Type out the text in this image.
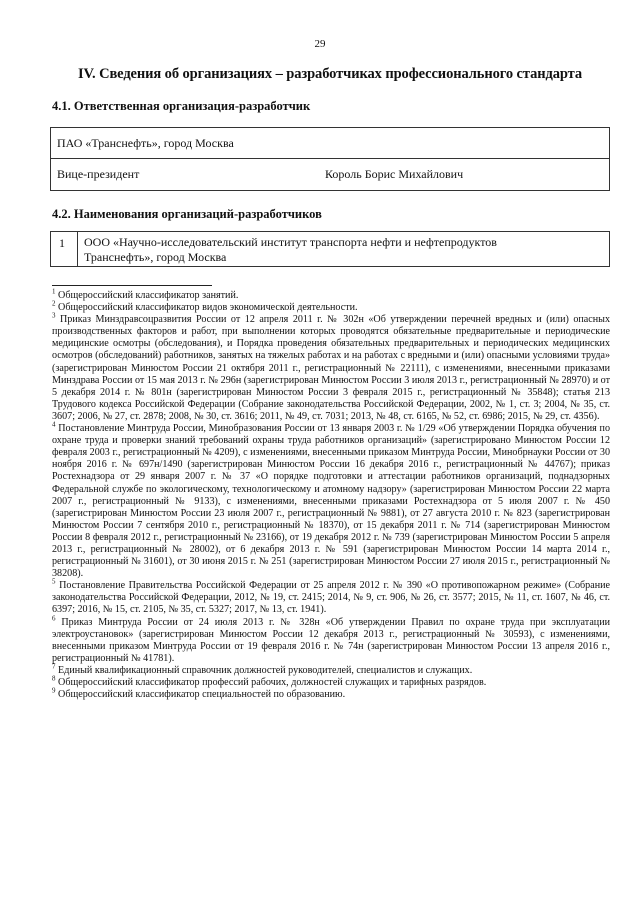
29
IV. Сведения об организациях – разработчиках профессионального стандарта
4.1. Ответственная организация-разработчик
ПАО «Транснефть», город Москва
Вице-президент	Король Борис Михайлович
4.2. Наименования организаций-разработчиков
1 ООО «Научно-исследовательский институт транспорта нефти и нефтепродуктов
Транснефть», город Москва

$^1$ Общероссийский классификатор занятий.

$^2$ Общероссийский классификатор видов экономической деятельности.

$^3$ Приказ Минздравсоцразвития России от 12 апреля 2011 г. № 302н «Об утверждении перечней вредных и (или) опасных производственных факторов и работ, при выполнении которых проводятся обязательные предварительные и периодические медицинские осмотры (обследования), и Порядка проведения обязательных предварительных и периодических медицинских осмотров (обследований) работников, занятых на тяжелых работах и на работах с вредными и (или) опасными условиями труда» (зарегистрирован Минюстом России 21 октября 2011 г., регистрационный № 22111), с изменениями, внесенными приказами Минздрава России от 15 мая 2013 г. № 296н (зарегистрирован Минюстом России 3 июля 2013 г., регистрационный № 28970) и от 5 декабря 2014 г. № 801н (зарегистрирован Минюстом России 3 февраля 2015 г., регистрационный № 35848); статья 213 Трудового кодекса Российской Федерации (Собрание законодательства Российской Федерации, 2002, № 1, ст. 3; 2004, № 35, ст. 3607; 2006, № 27, ст. 2878; 2008, № 30, ст. 3616; 2011, № 49, ст. 7031; 2013, № 48, ст. 6165, № 52, ст. 6986; 2015, № 29, ст. 4356).

$^4$ Постановление Минтруда России, Минобразования России от 13 января 2003 г. № 1/29 «Об утверждении Порядка обучения по охране труда и проверки знаний требований охраны труда работников организаций» (зарегистрировано Минюстом России 12 февраля 2003 г., регистрационный № 4209), с изменениями, внесенными приказом Минтруда России, Минобрнауки России от 30 ноября 2016 г. № 697н/1490 (зарегистрирован Минюстом России 16 декабря 2016 г., регистрационный № 44767); приказ Ростехнадзора от 29 января 2007 г. № 37 «О порядке подготовки и аттестации работников организаций, поднадзорных Федеральной службе по экологическому, технологическому и атомному надзору» (зарегистрирован Минюстом России 22 марта 2007 г., регистрационный № 9133), с изменениями, внесенными приказами Ростехнадзора от 5 июля 2007 г. № 450 (зарегистрирован Минюстом России 23 июля 2007 г., регистрационный № 9881), от 27 августа 2010 г. № 823 (зарегистрирован Минюстом России 7 сентября 2010 г., регистрационный № 18370), от 15 декабря 2011 г. № 714 (зарегистрирован Минюстом России 8 февраля 2012 г., регистрационный № 23166), от 19 декабря 2012 г. № 739 (зарегистрирован Минюстом России 5 апреля 2013 г., регистрационный № 28002), от 6 декабря 2013 г. № 591 (зарегистрирован Минюстом России 14 марта 2014 г., регистрационный № 31601), от 30 июня 2015 г. № 251 (зарегистрирован Минюстом России 27 июля 2015 г., регистрационный № 38208).

$^5$ Постановление Правительства Российской Федерации от 25 апреля 2012 г. № 390 «О противопожарном режиме» (Собрание законодательства Российской Федерации, 2012, № 19, ст. 2415; 2014, № 9, ст. 906, № 26, ст. 3577; 2015, № 11, ст. 1607, № 46, ст. 6397; 2016, № 15, ст. 2105, № 35, ст. 5327; 2017, № 13, ст. 1941).

$^6$ Приказ Минтруда России от 24 июля 2013 г. № 328н «Об утверждении Правил по охране труда при эксплуатации электроустановок» (зарегистрирован Минюстом России 12 декабря 2013 г., регистрационный № 30593), с изменениями, внесенными приказом Минтруда России от 19 февраля 2016 г. № 74н (зарегистрирован Минюстом России 13 апреля 2016 г., регистрационный № 41781).

$^7$ Единый квалификационный справочник должностей руководителей, специалистов и служащих.

$^8$ Общероссийский классификатор профессий рабочих, должностей служащих и тарифных разрядов.

$^9$ Общероссийский классификатор специальностей по образованию.
